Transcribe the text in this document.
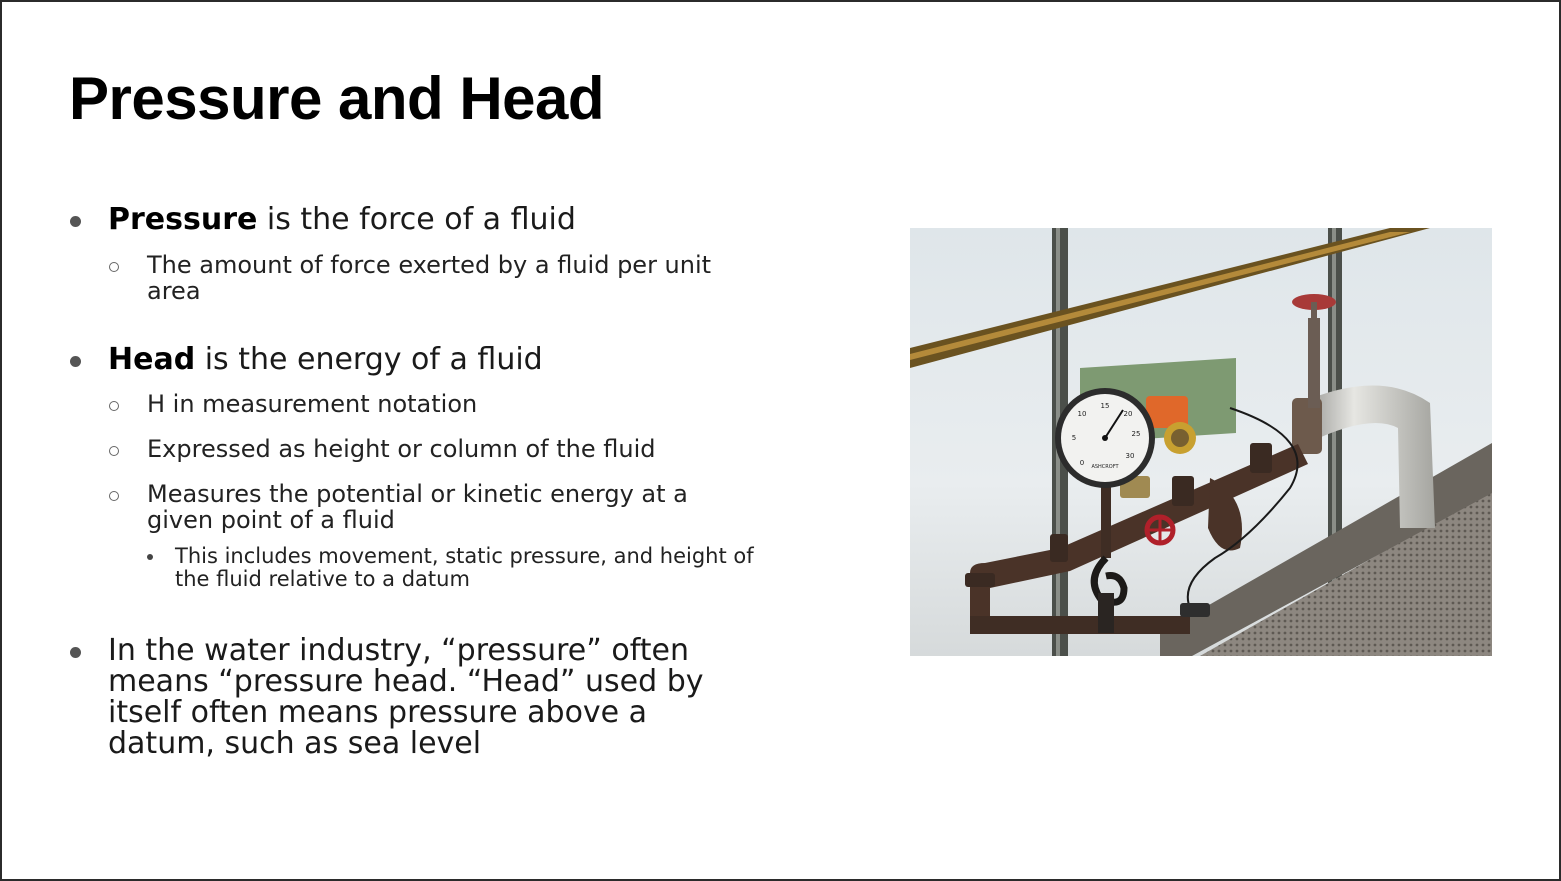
Pressure and Head
Pressure is the force of a fluid
The amount of force exerted by a fluid per unit area
Head is the energy of a fluid
H in measurement notation
Expressed as height or column of the fluid
Measures the potential or kinetic energy at a given point of a fluid
This includes movement, static pressure, and height of the fluid relative to a datum
In the water industry, “pressure” often means “pressure head. “Head” used by itself often means pressure above a datum, such as sea level
0
5
10
15
20
25
30
ASHCROFT
